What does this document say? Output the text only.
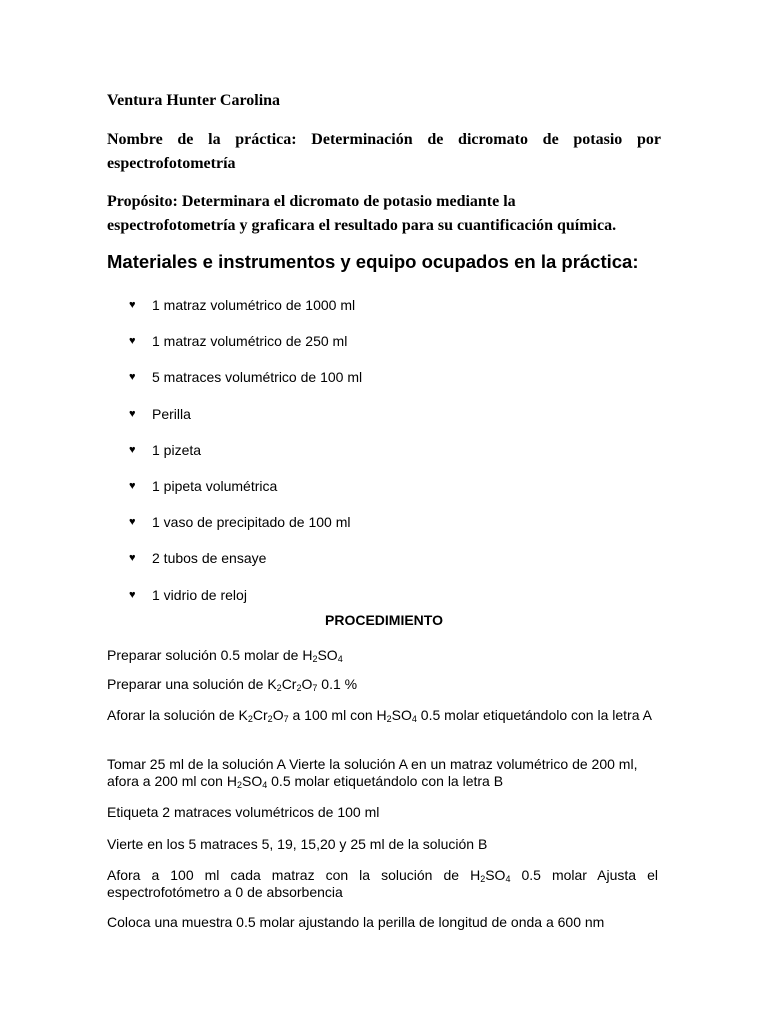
Ventura Hunter Carolina
Nombre de la práctica: Determinación de dicromato de potasio por espectrofotometría
Propósito: Determinara el dicromato de potasio mediante la
espectrofotometría y graficara el resultado para su cuantificación química.
Materiales e instrumentos y equipo ocupados en la práctica:
♥	1 matraz volumétrico de 1000 ml
♥	1 matraz volumétrico de 250 ml
♥	5 matraces volumétrico de 100 ml
♥	Perilla
♥	1 pizeta
♥	1 pipeta volumétrica
♥	1 vaso de precipitado de 100 ml
♥	2 tubos de ensaye
♥	1 vidrio de reloj
PROCEDIMIENTO
Preparar solución 0.5 molar de $H_2SO_4$
Preparar una solución de $K_2Cr_2O_7$ 0.1 %
Aforar la solución de $K_2Cr_2O_7$ a 100 ml con $H_2SO_4$ 0.5 molar etiquetándolo con la letra A
Tomar 25 ml de la solución A Vierte la solución A en un matraz volumétrico de 200 ml, afora a 200 ml con $H_2SO_4$ 0.5 molar etiquetándolo con la letra B
Etiqueta 2 matraces volumétricos de 100 ml
Vierte en los 5 matraces 5, 19, 15,20 y 25 ml de la solución B
Afora a 100 ml cada matraz con la solución de $H_2SO_4$ 0.5 molar Ajusta el espectrofotómetro a 0 de absorbencia
Coloca una muestra 0.5 molar ajustando la perilla de longitud de onda a 600 nm
